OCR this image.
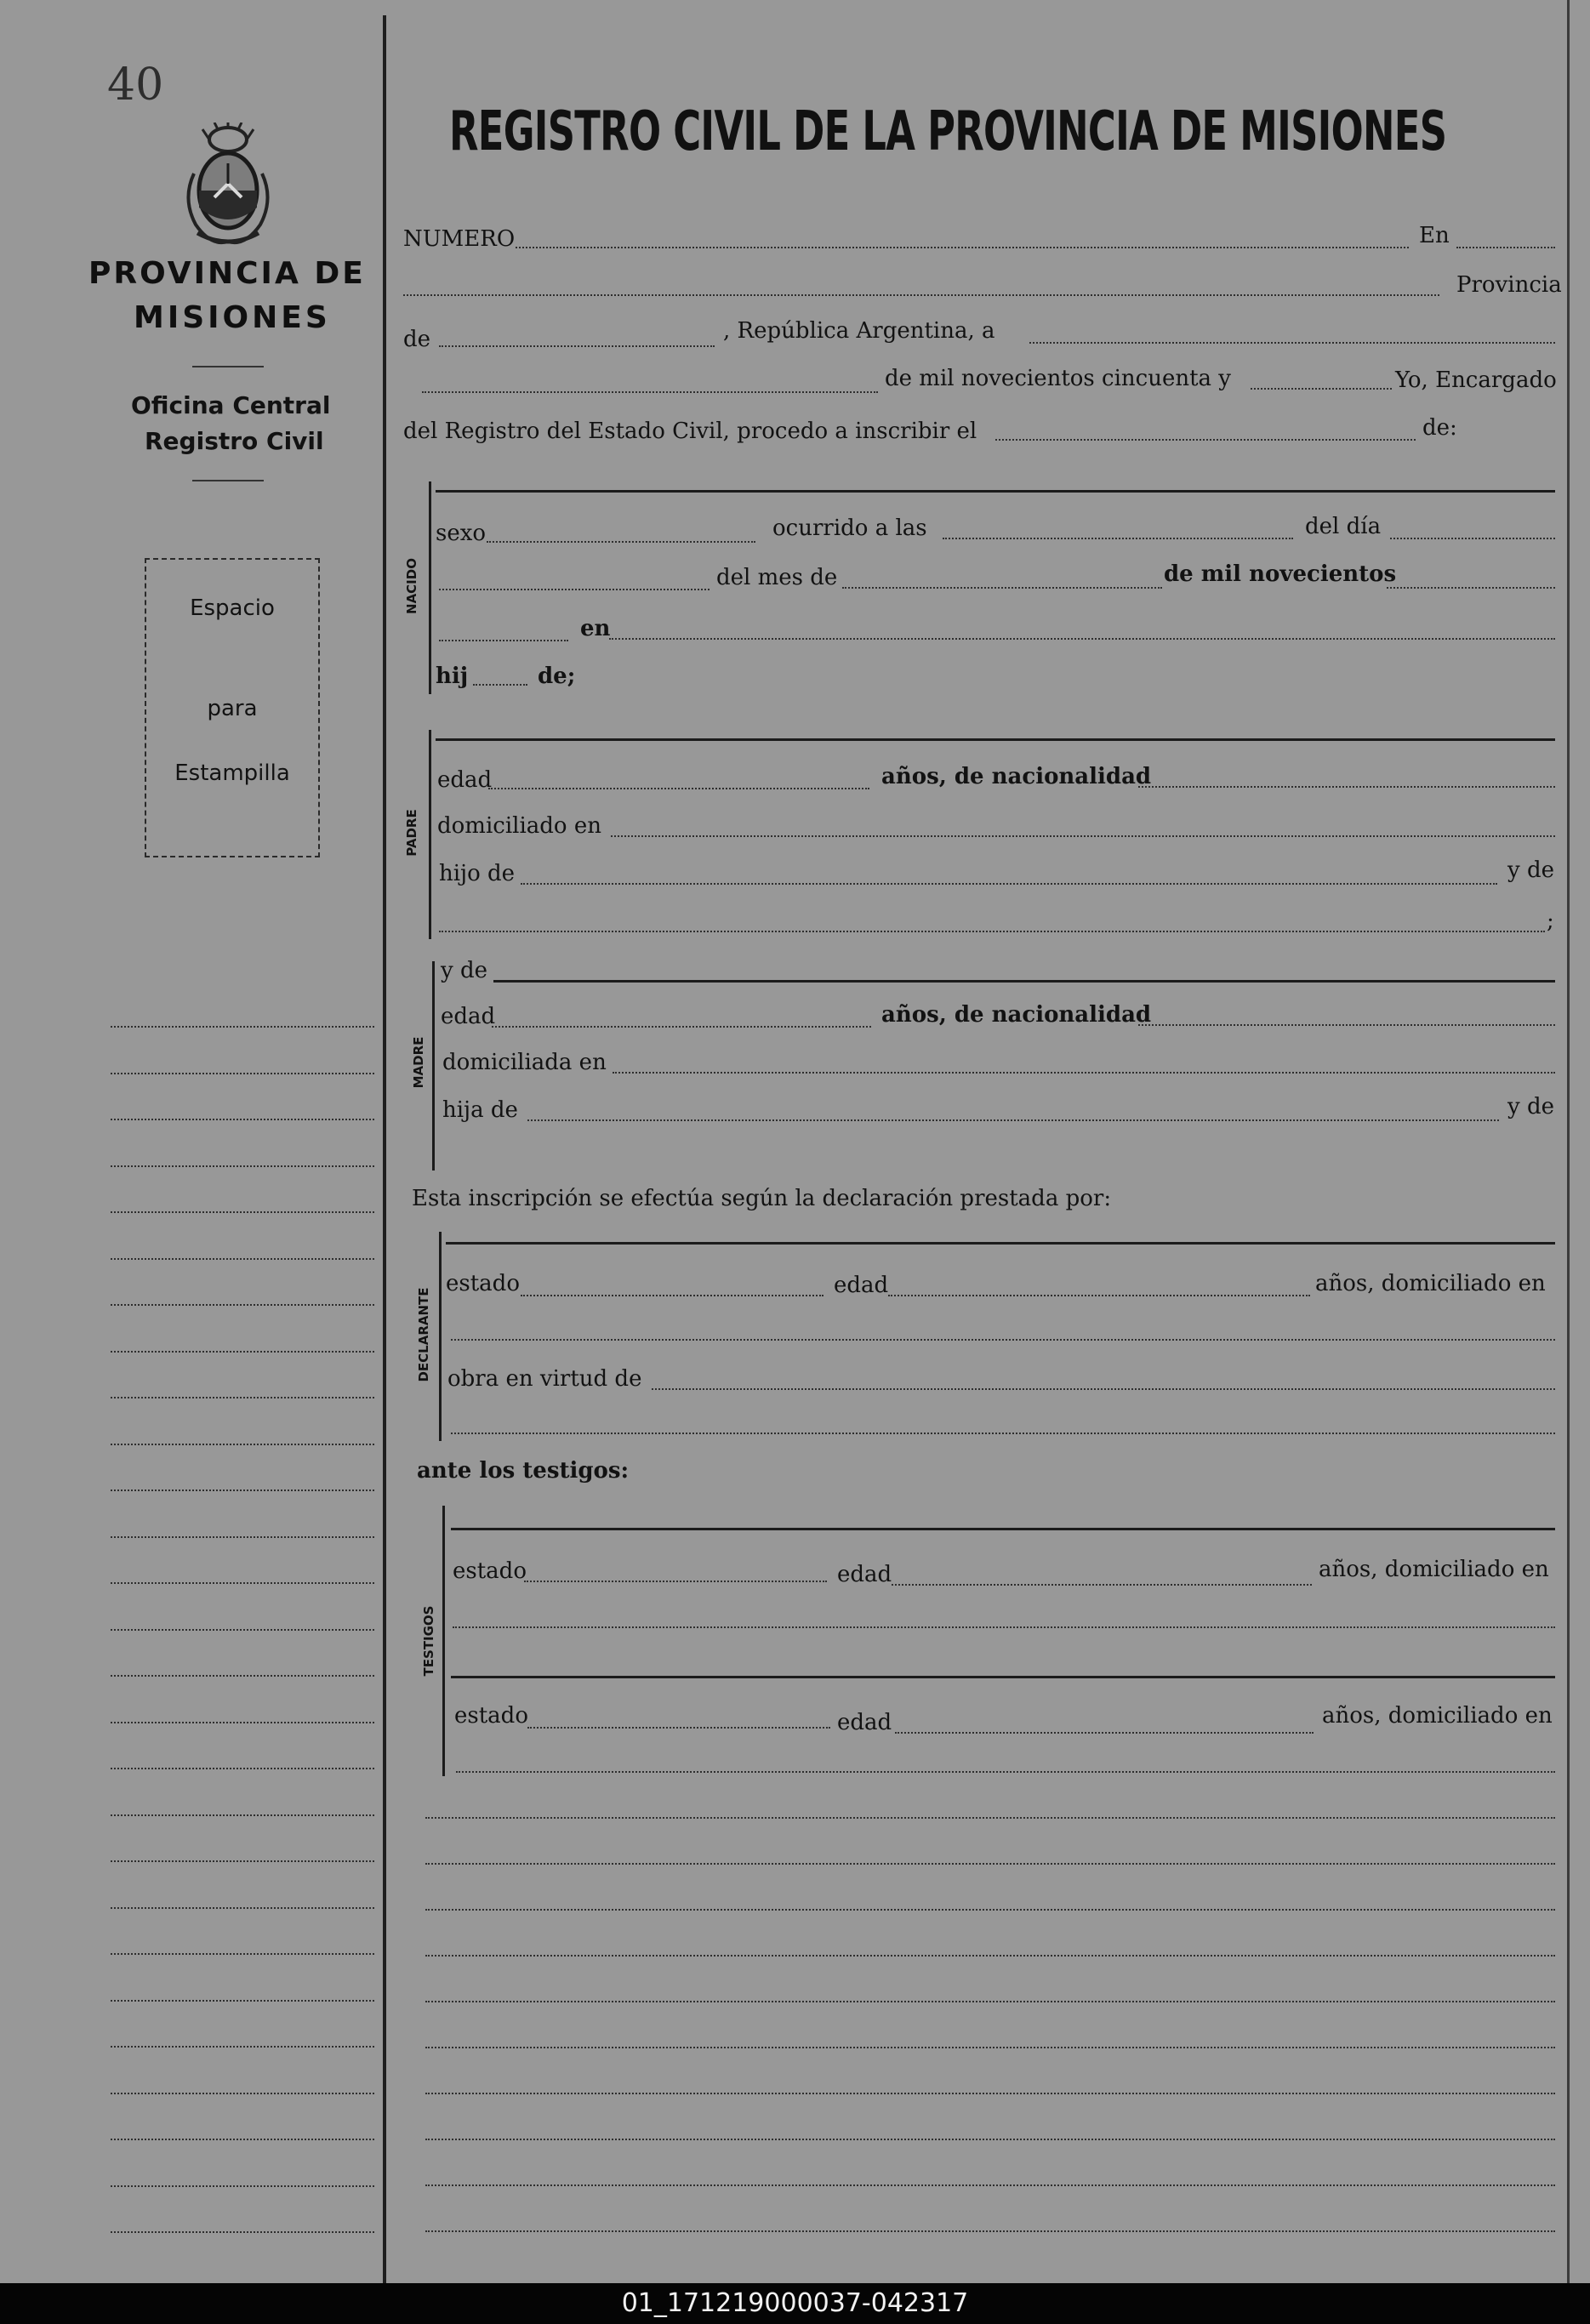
40
PROVINCIA DE
MISIONES
Oficina Central
Registro Civil
Espacio
para
Estampilla
REGISTRO CIVIL DE LA PROVINCIA DE MISIONES
NUMERO	En
Provincia
de	, República Argentina, a
de mil novecientos cincuenta y	Yo, Encargado
del Registro del Estado Civil, procedo a inscribir el	de:
NACIDO
sexo	ocurrido a las	del día
del mes de	de mil novecientos
en
hij	de;
PADRE
edad	años, de nacionalidad
domiciliado en
hijo de	y de
;
MADRE
y de
edad	años, de nacionalidad
domiciliada en
hija de	y de
Esta inscripción se efectúa según la declaración prestada por:
DECLARANTE
estado	edad	años, domiciliado en
obra en virtud de
ante los testigos:
TESTIGOS
estado	edad	años, domiciliado en
estado	edad	años, domiciliado en
01_171219000037-042317
